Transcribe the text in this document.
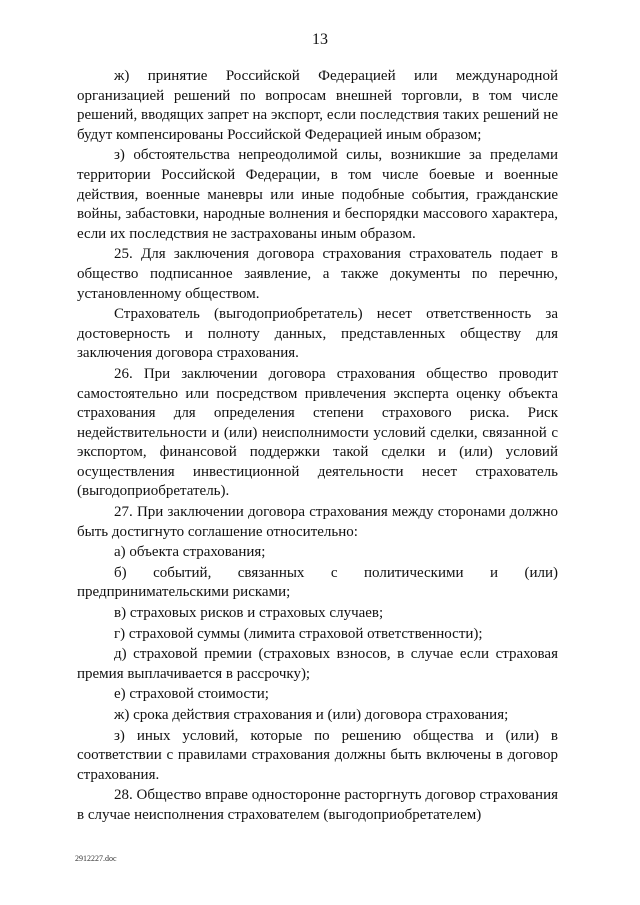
13

ж) принятие Российской Федерацией или международной организацией решений по вопросам внешней торговли, в том числе решений, вводящих запрет на экспорт, если последствия таких решений не будут компенсированы Российской Федерацией иным образом;

з) обстоятельства непреодолимой силы, возникшие за пределами территории Российской Федерации, в том числе боевые и военные действия, военные маневры или иные подобные события, гражданские войны, забастовки, народные волнения и беспорядки массового характера, если их последствия не застрахованы иным образом.

25. Для заключения договора страхования страхователь подает в общество подписанное заявление, а также документы по перечню, установленному обществом.

Страхователь (выгодоприобретатель) несет ответственность за достоверность и полноту данных, представленных обществу для заключения договора страхования.

26. При заключении договора страхования общество проводит самостоятельно или посредством привлечения эксперта оценку объекта страхования для определения степени страхового риска. Риск недействительности и (или) неисполнимости условий сделки, связанной с экспортом, финансовой поддержки такой сделки и (или) условий осуществления инвестиционной деятельности несет страхователь (выгодоприобретатель).

27. При заключении договора страхования между сторонами должно быть достигнуто соглашение относительно:

а) объекта страхования;

б) событий, связанных с политическими и (или) предпринимательскими рисками;

в) страховых рисков и страховых случаев;

г) страховой суммы (лимита страховой ответственности);

д) страховой премии (страховых взносов, в случае если страховая премия выплачивается в рассрочку);

е) страховой стоимости;

ж) срока действия страхования и (или) договора страхования;

з) иных условий, которые по решению общества и (или) в соответствии с правилами страхования должны быть включены в договор страхования.

28. Общество вправе односторонне расторгнуть договор страхования в случае неисполнения страхователем (выгодоприобретателем)

2912227.doc
